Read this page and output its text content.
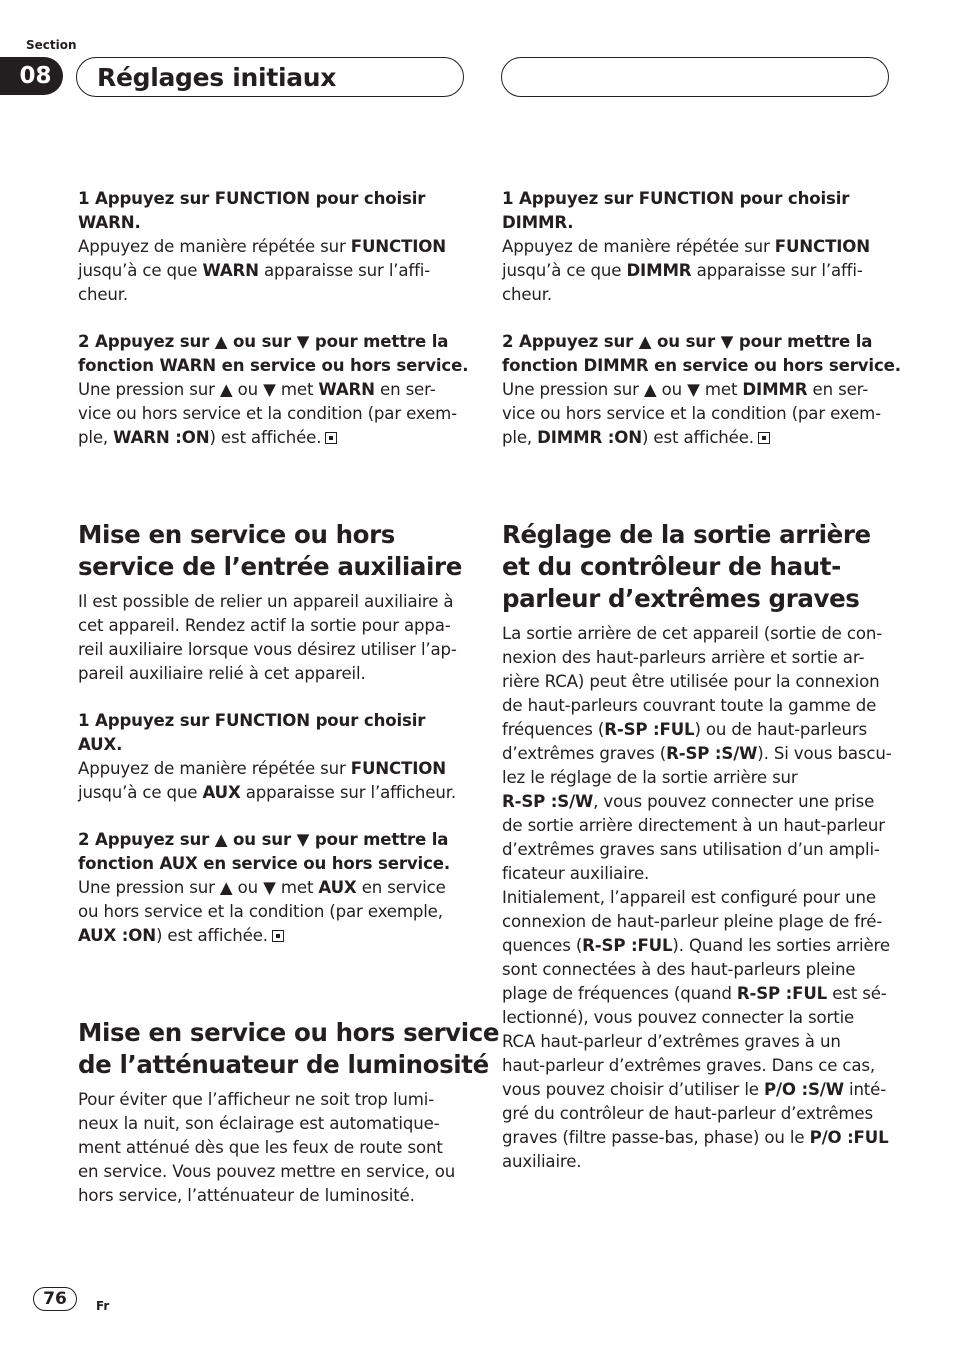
Section
08	Réglages initiaux
1 Appuyez sur FUNCTION pour choisir
WARN.
Appuyez de manière répétée sur FUNCTION
jusqu’à ce que WARN apparaisse sur l’affi-
cheur.
2 Appuyez sur ▲ ou sur ▼ pour mettre la
fonction WARN en service ou hors service.
Une pression sur ▲ ou ▼ met WARN en ser-
vice ou hors service et la condition (par exem-
ple, WARN :ON) est affichée.
Mise en service ou hors
service de l’entrée auxiliaire
Il est possible de relier un appareil auxiliaire à
cet appareil. Rendez actif la sortie pour appa-
reil auxiliaire lorsque vous désirez utiliser l’ap-
pareil auxiliaire relié à cet appareil.
1 Appuyez sur FUNCTION pour choisir
AUX.
Appuyez de manière répétée sur FUNCTION
jusqu’à ce que AUX apparaisse sur l’afficheur.
2 Appuyez sur ▲ ou sur ▼ pour mettre la
fonction AUX en service ou hors service.
Une pression sur ▲ ou ▼ met AUX en service
ou hors service et la condition (par exemple,
AUX :ON) est affichée.
Mise en service ou hors service
de l’atténuateur de luminosité
Pour éviter que l’afficheur ne soit trop lumi-
neux la nuit, son éclairage est automatique-
ment atténué dès que les feux de route sont
en service. Vous pouvez mettre en service, ou
hors service, l’atténuateur de luminosité.
1 Appuyez sur FUNCTION pour choisir
DIMMR.
Appuyez de manière répétée sur FUNCTION
jusqu’à ce que DIMMR apparaisse sur l’affi-
cheur.
2 Appuyez sur ▲ ou sur ▼ pour mettre la
fonction DIMMR en service ou hors service.
Une pression sur ▲ ou ▼ met DIMMR en ser-
vice ou hors service et la condition (par exem-
ple, DIMMR :ON) est affichée.
Réglage de la sortie arrière
et du contrôleur de haut-
parleur d’extrêmes graves
La sortie arrière de cet appareil (sortie de con-
nexion des haut-parleurs arrière et sortie ar-
rière RCA) peut être utilisée pour la connexion
de haut-parleurs couvrant toute la gamme de
fréquences (R-SP :FUL) ou de haut-parleurs
d’extrêmes graves (R-SP :S/W). Si vous bascu-
lez le réglage de la sortie arrière sur
R-SP :S/W, vous pouvez connecter une prise
de sortie arrière directement à un haut-parleur
d’extrêmes graves sans utilisation d’un ampli-
ficateur auxiliaire.
Initialement, l’appareil est configuré pour une
connexion de haut-parleur pleine plage de fré-
quences (R-SP :FUL). Quand les sorties arrière
sont connectées à des haut-parleurs pleine
plage de fréquences (quand R-SP :FUL est sé-
lectionné), vous pouvez connecter la sortie
RCA haut-parleur d’extrêmes graves à un
haut-parleur d’extrêmes graves. Dans ce cas,
vous pouvez choisir d’utiliser le P/O :S/W inté-
gré du contrôleur de haut-parleur d’extrêmes
graves (filtre passe-bas, phase) ou le P/O :FUL
auxiliaire.
76	Fr
